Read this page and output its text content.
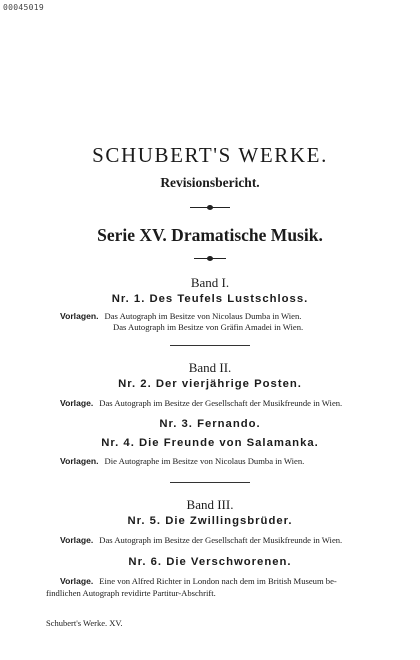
00045019
SCHUBERT'S WERKE.
Revisionsbericht.
Serie XV. Dramatische Musik.
Band I.
Nr. 1. Des Teufels Lustschloss.
Vorlagen. Das Autograph im Besitze von Nicolaus Dumba in Wien.
Das Autograph im Besitze von Gräfin Amadei in Wien.
Band II.
Nr. 2. Der vierjährige Posten.
Vorlage. Das Autograph im Besitze der Gesellschaft der Musikfreunde in Wien.
Nr. 3. Fernando.
Nr. 4. Die Freunde von Salamanka.
Vorlagen. Die Autographe im Besitze von Nicolaus Dumba in Wien.
Band III.
Nr. 5. Die Zwillingsbrüder.
Vorlage. Das Autograph im Besitze der Gesellschaft der Musikfreunde in Wien.
Nr. 6. Die Verschworenen.
Vorlage. Eine von Alfred Richter in London nach dem im British Museum be-
findlichen Autograph revidirte Partitur-Abschrift.
Schubert's Werke. XV.
